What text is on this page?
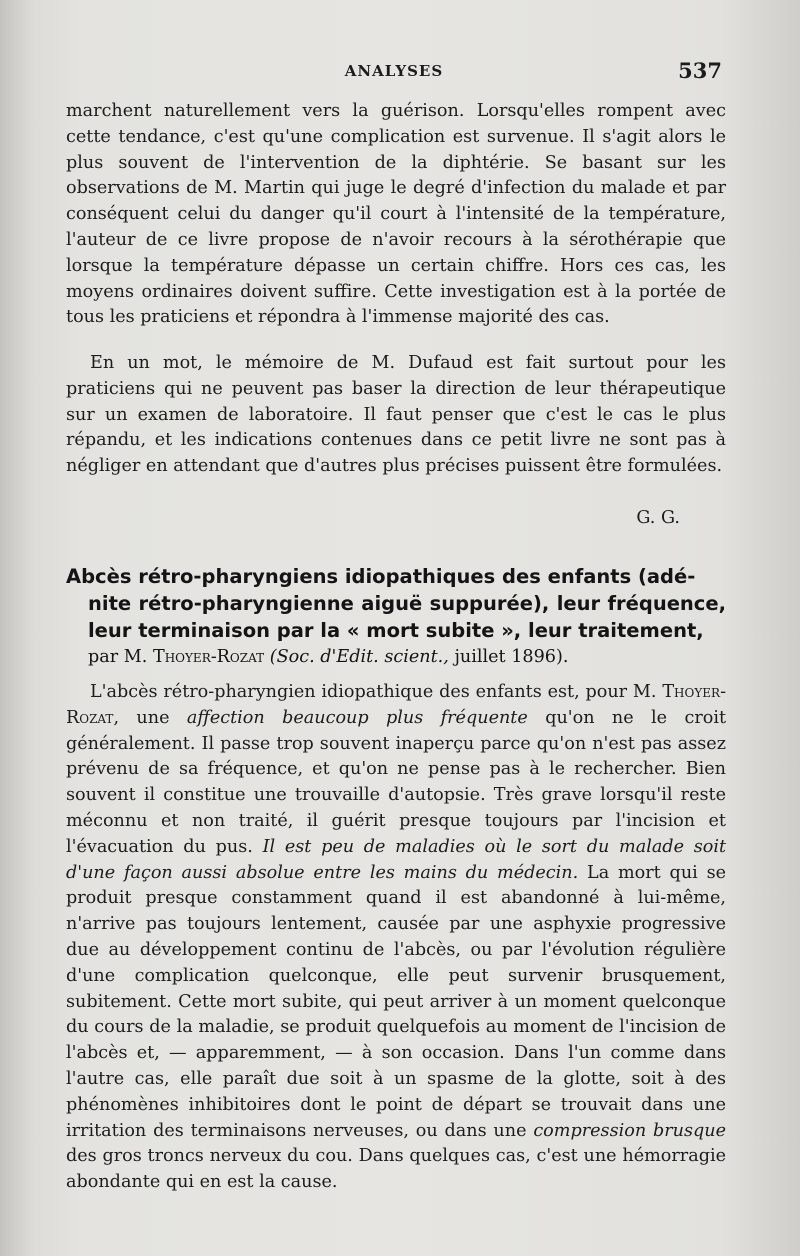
ANALYSES	537

marchent naturellement vers la guérison. Lorsqu'elles rompent avec cette tendance, c'est qu'une complication est survenue. Il s'agit alors le plus souvent de l'intervention de la diphtérie. Se basant sur les observations de M. Martin qui juge le degré d'infection du malade et par conséquent celui du danger qu'il court à l'intensité de la température, l'auteur de ce livre propose de n'avoir recours à la sérothérapie que lorsque la température dépasse un certain chiffre. Hors ces cas, les moyens ordinaires doivent suffire. Cette investigation est à la portée de tous les praticiens et répondra à l'immense majorité des cas.

En un mot, le mémoire de M. Dufaud est fait surtout pour les praticiens qui ne peuvent pas baser la direction de leur thérapeutique sur un examen de laboratoire. Il faut penser que c'est le cas le plus répandu, et les indications contenues dans ce petit livre ne sont pas à négliger en attendant que d'autres plus précises puissent être formulées.

G. G.

Abcès rétro-pharyngiens idiopathiques des enfants (adé-
nite rétro-pharyngienne aiguë suppurée), leur fréquence, leur terminaison par la « mort subite », leur traitement,
par M. Thoyer-Rozat (Soc. d'Edit. scient., juillet 1896).

L'abcès rétro-pharyngien idiopathique des enfants est, pour M. Thoyer-Rozat, une affection beaucoup plus fréquente qu'on ne le croit généralement. Il passe trop souvent inaperçu parce qu'on n'est pas assez prévenu de sa fréquence, et qu'on ne pense pas à le rechercher. Bien souvent il constitue une trouvaille d'autopsie. Très grave lorsqu'il reste méconnu et non traité, il guérit presque toujours par l'incision et l'évacuation du pus. Il est peu de maladies où le sort du malade soit d'une façon aussi absolue entre les mains du médecin. La mort qui se produit presque constamment quand il est abandonné à lui-même, n'arrive pas toujours lentement, causée par une asphyxie progressive due au développement continu de l'abcès, ou par l'évolution régulière d'une complication quelconque, elle peut survenir brusquement, subitement. Cette mort subite, qui peut arriver à un moment quelconque du cours de la maladie, se produit quelquefois au moment de l'incision de l'abcès et, — apparemment, — à son occasion. Dans l'un comme dans l'autre cas, elle paraît due soit à un spasme de la glotte, soit à des phénomènes inhibitoires dont le point de départ se trouvait dans une irritation des terminaisons nerveuses, ou dans une compression brusque des gros troncs nerveux du cou. Dans quelques cas, c'est une hémorragie abondante qui en est la cause.
